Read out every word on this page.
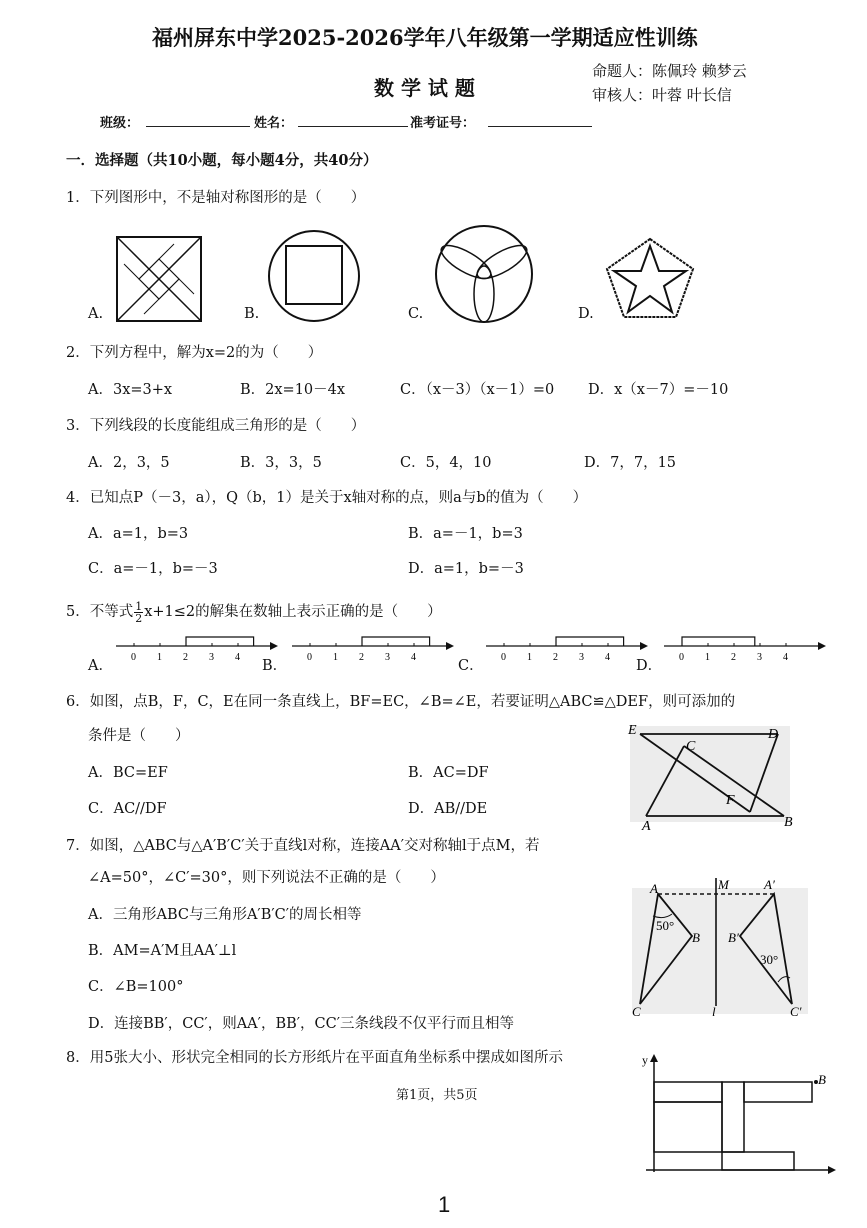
福州屏东中学2025-2026学年八年级第一学期适应性训练
数 学 试 题
命题人：陈佩玲 赖梦云
审核人：叶蓉 叶长信
班级：	姓名：	准考证号：
一．选择题（共10小题，每小题4分，共40分）
1．下列图形中，不是轴对称图形的是（　　）
A.	B.	C.	D.
2．下列方程中，解为x=2的为（　　）
A．3x=3+x	B．2x=10－4x	C．（x－3）（x－1）=0 D．x（x－7）=－10
3．下列线段的长度能组成三角形的是（　　）
A．2，3，5	B．3，3，5	C．5，4，10	D．7，7，15
4．已知点P（－3，a），Q（b，1）是关于x轴对称的点，则a与b的值为（　　）
A．a=1，b=3	B．a=－1，b=3
C．a=－1，b=－3	D．a=1，b=－3
5．不等式 $\frac{1}{2} x+1\le 2$的解集在数轴上表示正确的是（　　）
A．
0 1 2 3 4
B．
0 1 2 3 4
C．
0 1 2 3 4
D．
0 1 2 3 4
6．如图，点B，F，C，E在同一条直线上，BF=EC，∠B=∠E，若要证明△ABC≌△DEF，则可添加的
条件是（　　）
A．BC=EF	B．AC=DF
C．AC//DF	D．AB//DE
E	D
C
F
A	B
7．如图，△ABC与△A′B′C′关于直线l对称，连接AA′交对称轴l于点M，若
∠A=50°，∠C′=30°，则下列说法不正确的是（　　）
A．三角形ABC与三角形A′B′C′的周长相等
B．AM=A′M且AA′⊥l
C．∠B=100°
D．连接BB′，CC′，则AA′，BB′，CC′三条线段不仅平行而且相等
A	M	A′
B B′
50°
30°
C	l	C′
8．用5张大小、形状完全相同的长方形纸片在平面直角坐标系中摆成如图所示	y
B
第1页，共5页
1
